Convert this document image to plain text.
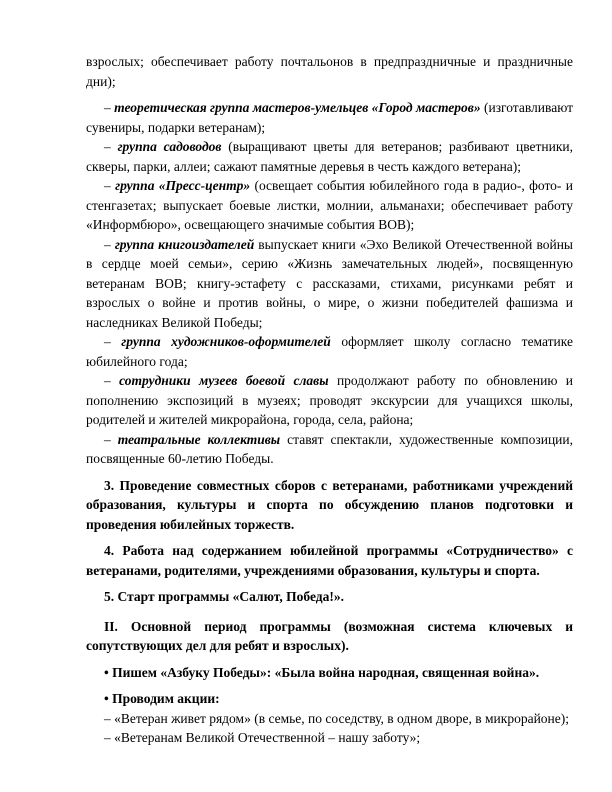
взрослых; обеспечивает работу почтальонов в предпраздничные и праздничные дни);

– теоретическая группа мастеров-умельцев «Город мастеров» (изготавливают сувениры, подарки ветеранам);

– группа садоводов (выращивают цветы для ветеранов; разбивают цветники, скверы, парки, аллеи; сажают памятные деревья в честь каждого ветерана);

– группа «Пресс-центр» (освещает события юбилейного года в радио-, фото- и стенгазетах; выпускает боевые листки, молнии, альманахи; обеспечивает работу «Информбюро», освещающего значимые события ВОВ);

– группа книгоиздателей выпускает книги «Эхо Великой Отечественной войны в сердце моей семьи», серию «Жизнь замечательных людей», посвященную ветеранам ВОВ; книгу-эстафету с рассказами, стихами, рисунками ребят и взрослых о войне и против войны, о мире, о жизни победителей фашизма и наследниках Великой Победы;

– группа художников-оформителей оформляет школу согласно тематике юбилейного года;

– сотрудники музеев боевой славы продолжают работу по обновлению и пополнению экспозиций в музеях; проводят экскурсии для учащихся школы, родителей и жителей микрорайона, города, села, района;

– театральные коллективы ставят спектакли, художественные композиции, посвященные 60-летию Победы.

3. Проведение совместных сборов с ветеранами, работниками учреждений образования, культуры и спорта по обсуждению планов подготовки и проведения юбилейных торжеств.

4. Работа над содержанием юбилейной программы «Сотрудничество» с ветеранами, родителями, учреждениями образования, культуры и спорта.

5. Старт программы «Салют, Победа!».

II. Основной период программы (возможная система ключевых и сопутствующих дел для ребят и взрослых).

• Пишем «Азбуку Победы»: «Была война народная, священная война».

• Проводим акции:

– «Ветеран живет рядом» (в семье, по соседству, в одном дворе, в микрорайоне);

– «Ветеранам Великой Отечественной – нашу заботу»;
